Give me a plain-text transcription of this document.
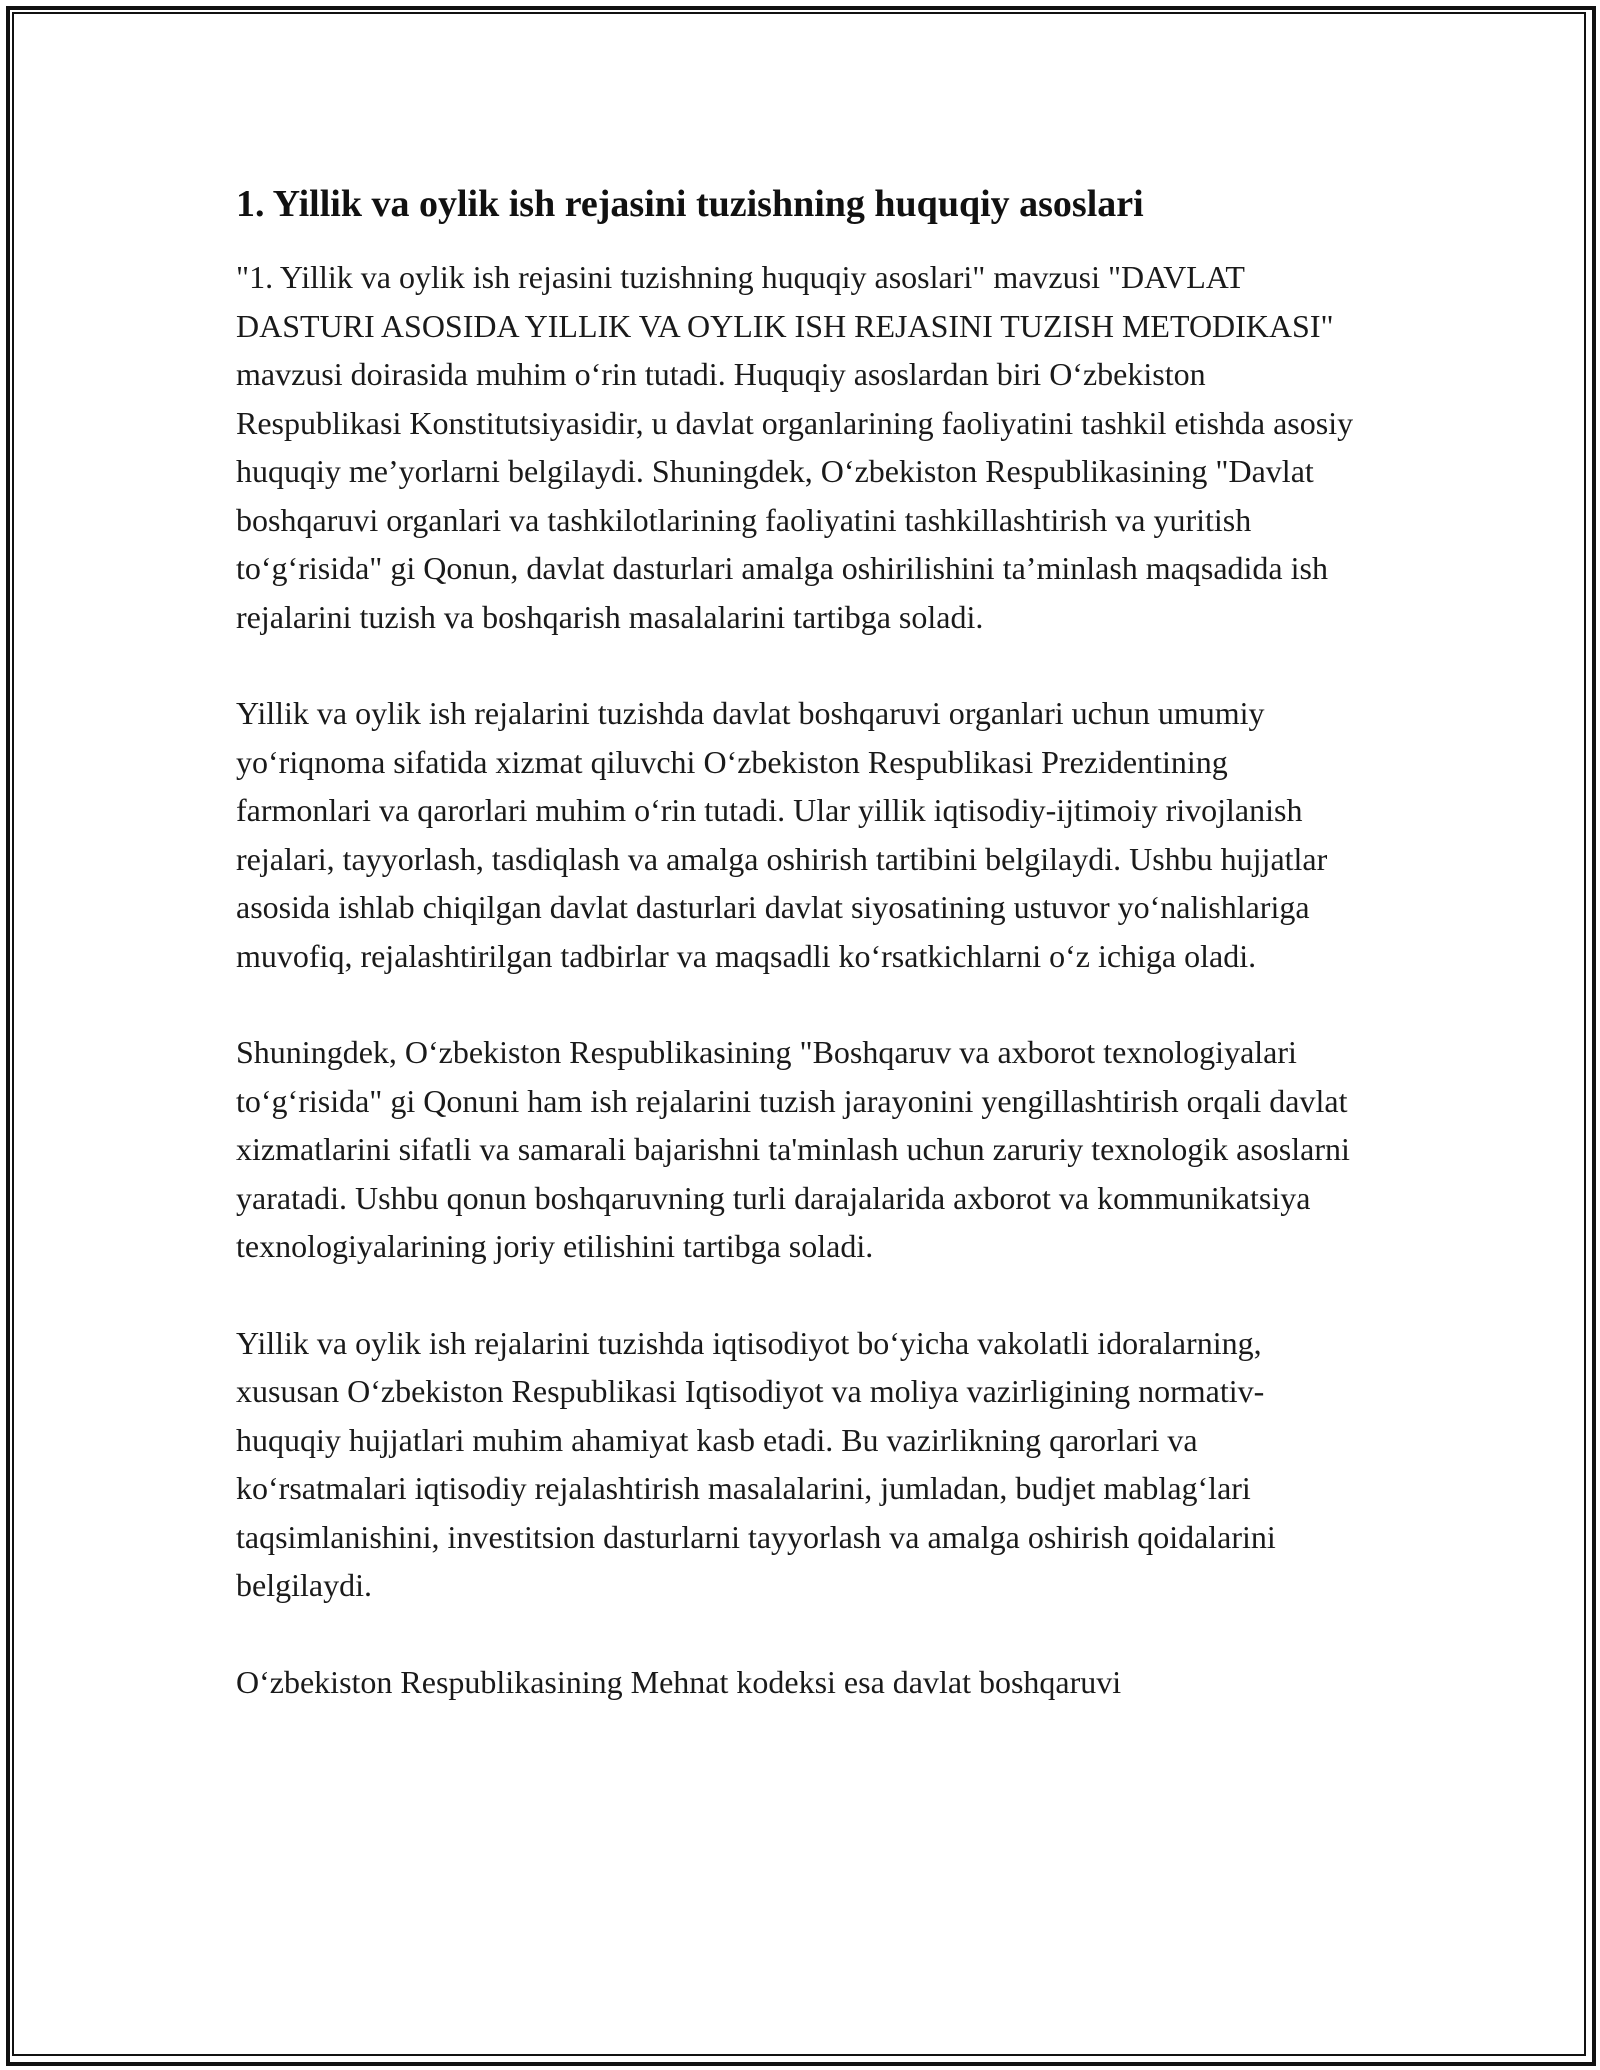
1. Yillik va oylik ish rejasini tuzishning huquqiy asoslari

"1. Yillik va oylik ish rejasini tuzishning huquqiy asoslari" mavzusi "DAVLAT DASTURI ASOSIDA YILLIK VA OYLIK ISH REJASINI TUZISH METODIKASI" mavzusi doirasida muhim oʻrin tutadi. Huquqiy asoslardan biri Oʻzbekiston Respublikasi Konstitutsiyasidir, u davlat organlarining faoliyatini tashkil etishda asosiy huquqiy me’yorlarni belgilaydi. Shuningdek, Oʻzbekiston Respublikasining "Davlat boshqaruvi organlari va tashkilotlarining faoliyatini tashkillashtirish va yuritish toʻgʻrisida" gi Qonun, davlat dasturlari amalga oshirilishini ta’minlash maqsadida ish rejalarini tuzish va boshqarish masalalarini tartibga soladi.

Yillik va oylik ish rejalarini tuzishda davlat boshqaruvi organlari uchun umumiy yoʻriqnoma sifatida xizmat qiluvchi Oʻzbekiston Respublikasi Prezidentining farmonlari va qarorlari muhim oʻrin tutadi. Ular yillik iqtisodiy-ijtimoiy rivojlanish rejalari, tayyorlash, tasdiqlash va amalga oshirish tartibini belgilaydi. Ushbu hujjatlar asosida ishlab chiqilgan davlat dasturlari davlat siyosatining ustuvor yoʻnalishlariga muvofiq, rejalashtirilgan tadbirlar va maqsadli koʻrsatkichlarni oʻz ichiga oladi.

Shuningdek, Oʻzbekiston Respublikasining "Boshqaruv va axborot texnologiyalari toʻgʻrisida" gi Qonuni ham ish rejalarini tuzish jarayonini yengillashtirish orqali davlat xizmatlarini sifatli va samarali bajarishni ta'minlash uchun zaruriy texnologik asoslarni yaratadi. Ushbu qonun boshqaruvning turli darajalarida axborot va kommunikatsiya texnologiyalarining joriy etilishini tartibga soladi.

Yillik va oylik ish rejalarini tuzishda iqtisodiyot boʻyicha vakolatli idoralarning, xususan Oʻzbekiston Respublikasi Iqtisodiyot va moliya vazirligining normativ-huquqiy hujjatlari muhim ahamiyat kasb etadi. Bu vazirlikning qarorlari va koʻrsatmalari iqtisodiy rejalashtirish masalalarini, jumladan, budjet mablagʻlari taqsimlanishini, investitsion dasturlarni tayyorlash va amalga oshirish qoidalarini belgilaydi.

Oʻzbekiston Respublikasining Mehnat kodeksi esa davlat boshqaruvi
